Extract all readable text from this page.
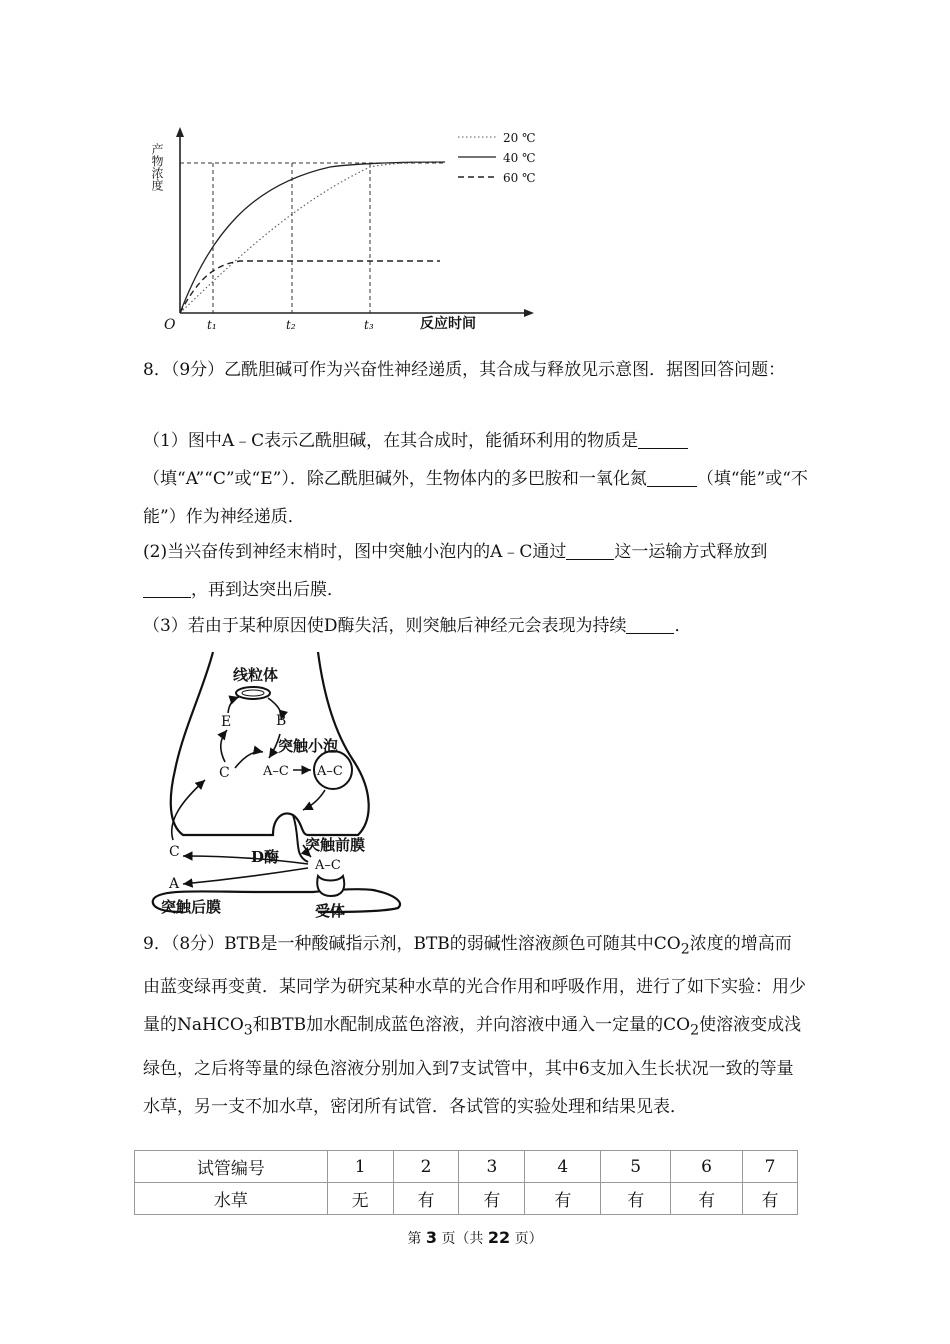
产物浓度
O	t₁	t₂	t₃	反应时间
20 ℃
40 ℃
60 ℃
8．（9分）乙酰胆碱可作为兴奋性神经递质，其合成与释放见示意图．据图回答问题：
（1）图中A﹣C表示乙酰胆碱，在其合成时，能循环利用的物质是（填“A”“C”或“E”）．除乙酰胆碱外，生物体内的多巴胺和一氧化氮	（填“能”或“不能”）作为神经递质．
(2)当兴奋传到神经末梢时，图中突触小泡内的A﹣C通过	这一运输方式释放到，再到达突出后膜．
（3）若由于某种原因使D酶失活，则突触后神经元会表现为持续	．
线粒体
E	B
突触小泡
C	A–C A–C
突触前膜
D酶	A–C
C
A
突触后膜	受体
9．（8分）BTB是一种酸碱指示剂，BTB的弱碱性溶液颜色可随其中$CO_2$浓度的增高而由蓝变绿再变黄．某同学为研究某种水草的光合作用和呼吸作用，进行了如下实验：用少量的NaHCO$_3$和BTB加水配制成蓝色溶液，并向溶液中通入一定量的$CO_2$使溶液变成浅绿色，之后将等量的绿色溶液分别加入到7支试管中，其中6支加入生长状况一致的等量水草，另一支不加水草，密闭所有试管．各试管的实验处理和结果见表．
试管编号	1	2	3	4	5	6	7
水草	无	有	有	有	有	有	有
第 3 页（共 22 页）
